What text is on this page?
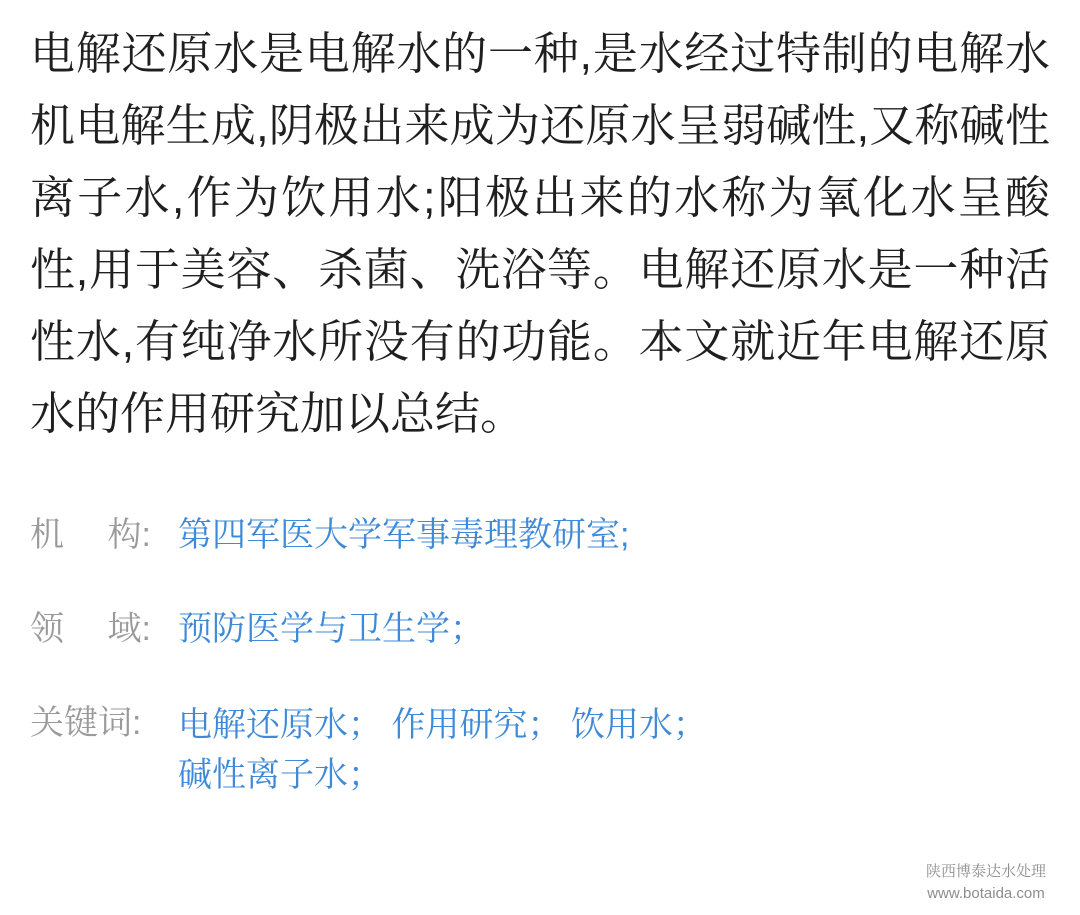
电解还原水是电解水的一种,是水经过特制的电解水机电解生成,阴极出来成为还原水呈弱碱性,又称碱性离子水,作为饮用水;阳极出来的水称为氧化水呈酸性,用于美容、杀菌、洗浴等。电解还原水是一种活性水,有纯净水所没有的功能。本文就近年电解还原水的作用研究加以总结。

机　 构: 第四军医大学军事毒理教研室;
领　 域: 预防医学与卫生学；
关键词:	电解还原水； 作用研究； 饮用水；
碱性离子水；
陕西博泰达水处理
www.botaida.com
